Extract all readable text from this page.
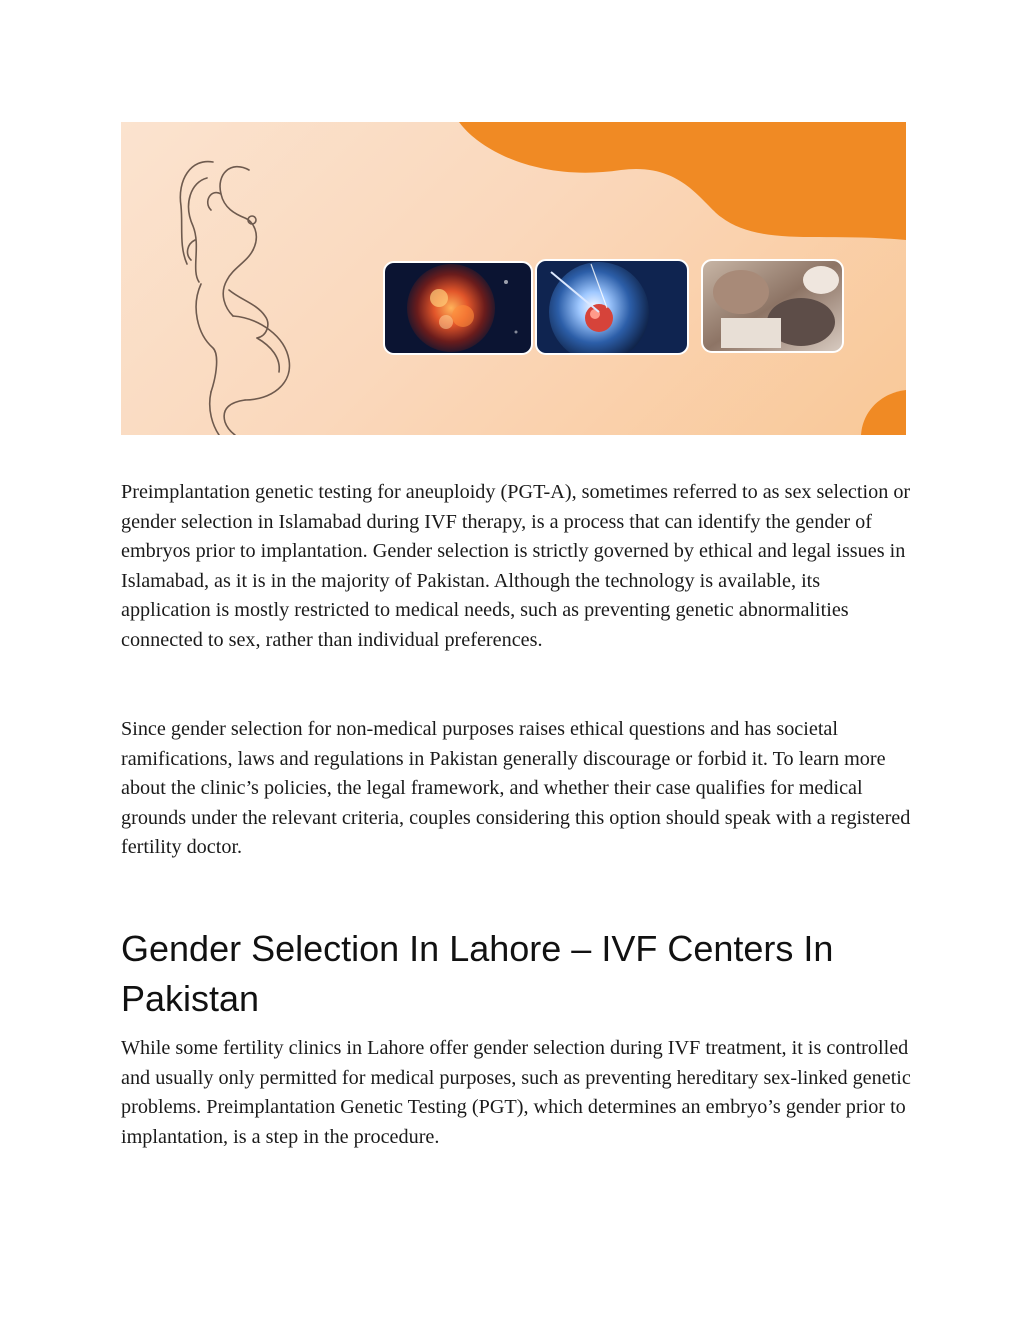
Preimplantation genetic testing for aneuploidy (PGT-A), sometimes referred to as sex selection or gender selection in Islamabad during IVF therapy, is a process that can identify the gender of embryos prior to implantation. Gender selection is strictly governed by ethical and legal issues in Islamabad, as it is in the majority of Pakistan. Although the technology is available, its application is mostly restricted to medical needs, such as preventing genetic abnormalities connected to sex, rather than individual preferences.

Since gender selection for non-medical purposes raises ethical questions and has societal ramifications, laws and regulations in Pakistan generally discourage or forbid it. To learn more about the clinic’s policies, the legal framework, and whether their case qualifies for medical grounds under the relevant criteria, couples considering this option should speak with a registered fertility doctor.

Gender Selection In Lahore – IVF Centers In Pakistan

While some fertility clinics in Lahore offer gender selection during IVF treatment, it is controlled and usually only permitted for medical purposes, such as preventing hereditary sex-linked genetic problems. Preimplantation Genetic Testing (PGT), which determines an embryo’s gender prior to implantation, is a step in the procedure.
